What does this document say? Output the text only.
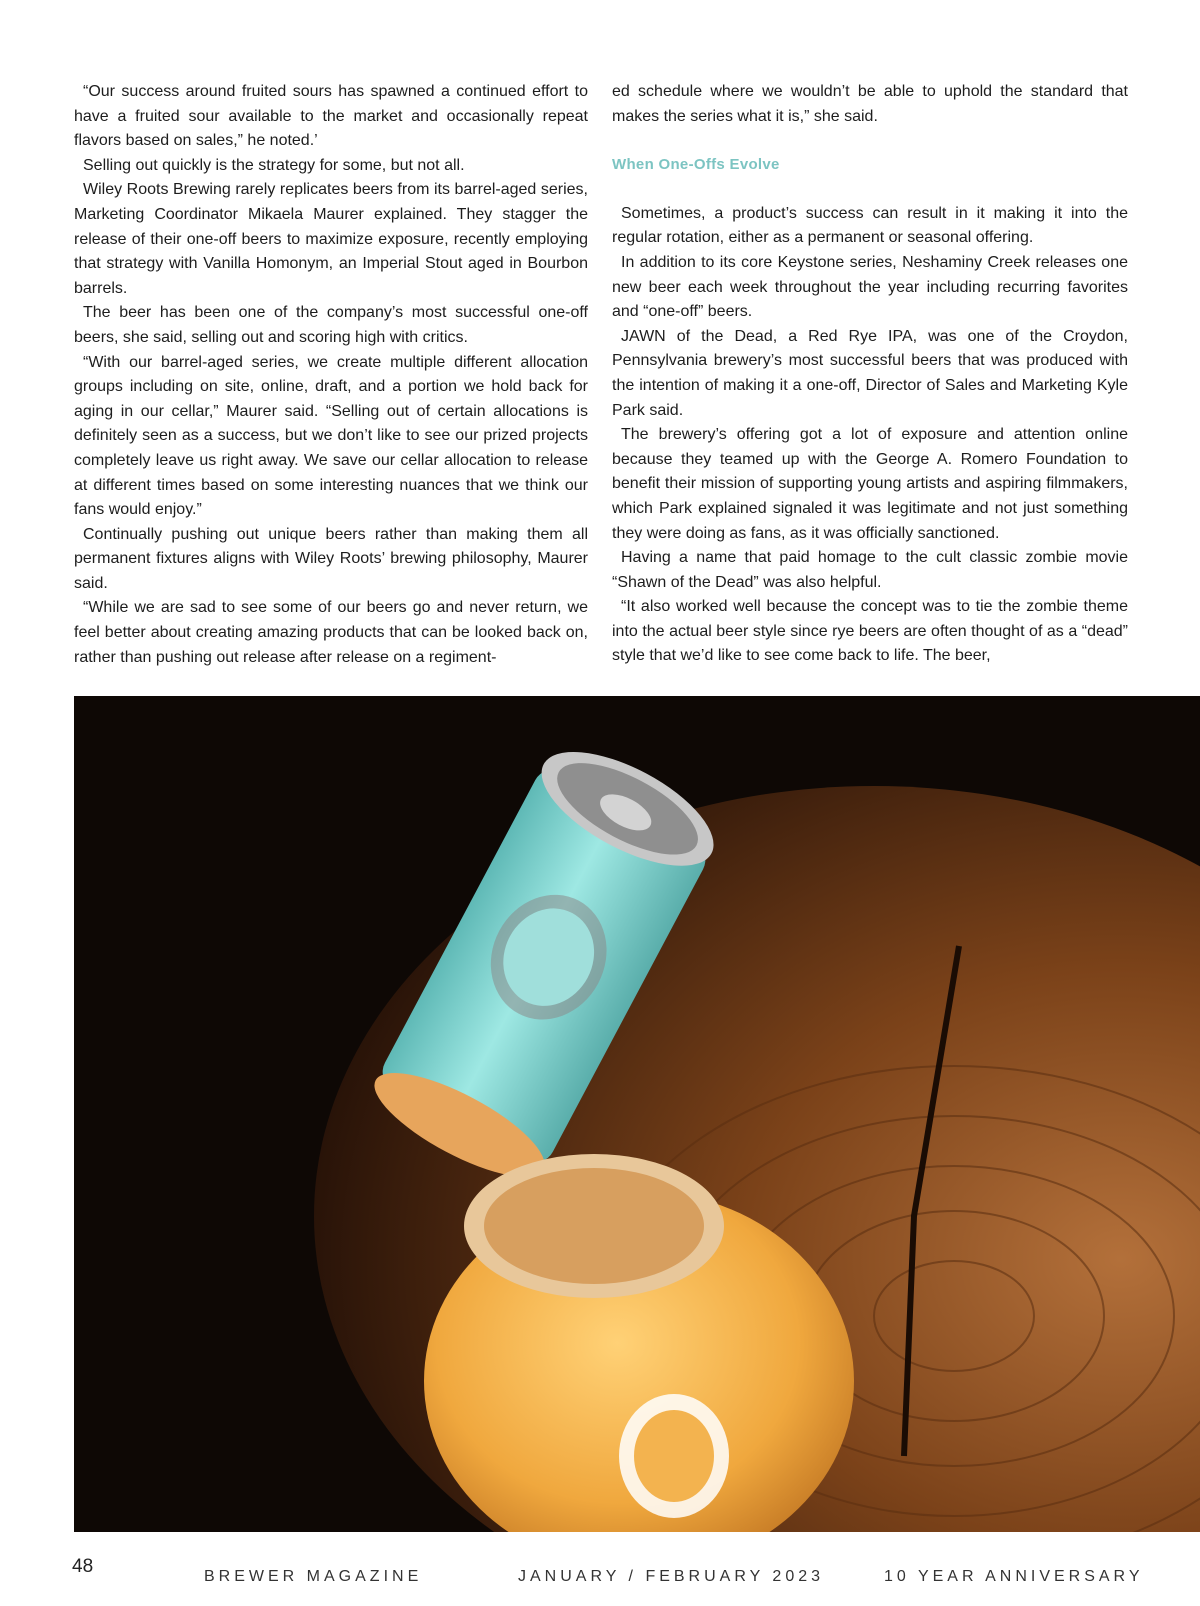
“Our success around fruited sours has spawned a continued effort to have a fruited sour available to the market and occasionally repeat flavors based on sales,” he noted.’

Selling out quickly is the strategy for some, but not all.

Wiley Roots Brewing rarely replicates beers from its barrel-aged series, Marketing Coordinator Mikaela Maurer explained. They stagger the release of their one-off beers to maximize exposure, recently employing that strategy with Vanilla Homonym, an Imperial Stout aged in Bourbon barrels.

The beer has been one of the company’s most successful one-off beers, she said, selling out and scoring high with critics.

“With our barrel-aged series, we create multiple different allocation groups including on site, online, draft, and a portion we hold back for aging in our cellar,” Maurer said. “Selling out of certain allocations is definitely seen as a success, but we don’t like to see our prized projects completely leave us right away. We save our cellar allocation to release at different times based on some interesting nuances that we think our fans would enjoy.”

Continually pushing out unique beers rather than making them all permanent fixtures aligns with Wiley Roots’ brewing philosophy, Maurer said.

“While we are sad to see some of our beers go and never return, we feel better about creating amazing products that can be looked back on, rather than pushing out release after release on a regiment-

ed schedule where we wouldn’t be able to uphold the standard that makes the series what it is,” she said.

When One-Offs Evolve

Sometimes, a product’s success can result in it making it into the regular rotation, either as a permanent or seasonal offering.

In addition to its core Keystone series, Neshaminy Creek releases one new beer each week throughout the year including recurring favorites and “one-off” beers.

JAWN of the Dead, a Red Rye IPA, was one of the Croydon, Pennsylvania brewery’s most successful beers that was produced with the intention of making it a one-off, Director of Sales and Marketing Kyle Park said.

The brewery’s offering got a lot of exposure and attention online because they teamed up with the George A. Romero Foundation to benefit their mission of supporting young artists and aspiring filmmakers, which Park explained signaled it was legitimate and not just something they were doing as fans, as it was officially sanctioned.

Having a name that paid homage to the cult classic zombie movie “Shawn of the Dead” was also helpful.

“It also worked well because the concept was to tie the zombie theme into the actual beer style since rye beers are often thought of as a “dead” style that we’d like to see come back to life. The beer,

48	BREWER MAGAZINE	JANUARY / FEBRUARY 2023	10 YEAR ANNIVERSARY
